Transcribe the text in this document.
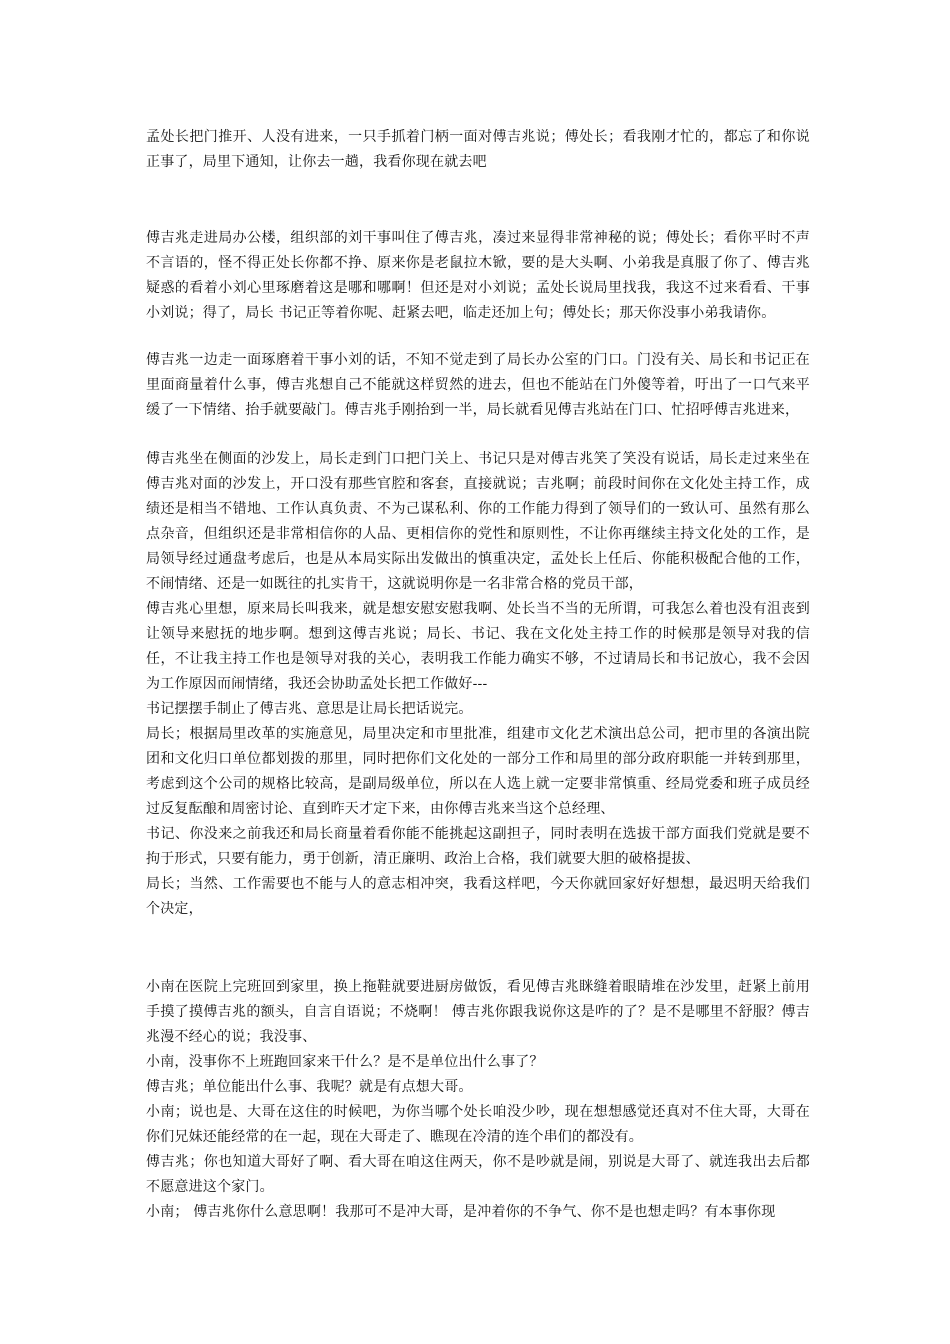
孟处长把门推开、人没有进来，一只手抓着门柄一面对傅吉兆说；傅处长；看我刚才忙的，都忘了和你说正事了，局里下通知，让你去一趟，我看你现在就去吧

傅吉兆走进局办公楼，组织部的刘干事叫住了傅吉兆，凑过来显得非常神秘的说；傅处长；看你平时不声不言语的，怪不得正处长你都不挣、原来你是老鼠拉木锨，要的是大头啊、小弟我是真服了你了、傅吉兆疑惑的看着小刘心里琢磨着这是哪和哪啊！但还是对小刘说；孟处长说局里找我，我这不过来看看、干事小刘说；得了，局长 书记正等着你呢、赶紧去吧，临走还加上句；傅处长；那天你没事小弟我请你。

傅吉兆一边走一面琢磨着干事小刘的话，不知不觉走到了局长办公室的门口。门没有关、局长和书记正在里面商量着什么事，傅吉兆想自己不能就这样贸然的进去，但也不能站在门外傻等着，吁出了一口气来平缓了一下情绪、抬手就要敲门。傅吉兆手刚抬到一半，局长就看见傅吉兆站在门口、忙招呼傅吉兆进来，

傅吉兆坐在侧面的沙发上，局长走到门口把门关上、书记只是对傅吉兆笑了笑没有说话，局长走过来坐在傅吉兆对面的沙发上，开口没有那些官腔和客套，直接就说；吉兆啊；前段时间你在文化处主持工作，成绩还是相当不错地、工作认真负责、不为己谋私利、你的工作能力得到了领导们的一致认可、虽然有那么点杂音，但组织还是非常相信你的人品、更相信你的党性和原则性，不让你再继续主持文化处的工作，是局领导经过通盘考虑后，也是从本局实际出发做出的慎重决定，孟处长上任后、你能积极配合他的工作，不闹情绪、还是一如既往的扎实肯干，这就说明你是一名非常合格的党员干部，

傅吉兆心里想，原来局长叫我来，就是想安慰安慰我啊、处长当不当的无所谓，可我怎么着也没有沮丧到让领导来慰抚的地步啊。想到这傅吉兆说；局长、书记、我在文化处主持工作的时候那是领导对我的信任，不让我主持工作也是领导对我的关心，表明我工作能力确实不够，不过请局长和书记放心，我不会因为工作原因而闹情绪，我还会协助孟处长把工作做好---

书记摆摆手制止了傅吉兆、意思是让局长把话说完。

局长；根据局里改革的实施意见，局里决定和市里批准，组建市文化艺术演出总公司，把市里的各演出院团和文化归口单位都划拨的那里，同时把你们文化处的一部分工作和局里的部分政府职能一并转到那里，考虑到这个公司的规格比较高，是副局级单位，所以在人选上就一定要非常慎重、经局党委和班子成员经过反复酝酿和周密讨论、直到昨天才定下来，由你傅吉兆来当这个总经理、

书记、你没来之前我还和局长商量着看你能不能挑起这副担子，同时表明在选拔干部方面我们党就是要不拘于形式，只要有能力，勇于创新，清正廉明、政治上合格，我们就要大胆的破格提拔、

局长；当然、工作需要也不能与人的意志相冲突，我看这样吧，今天你就回家好好想想，最迟明天给我们个决定，

小南在医院上完班回到家里，换上拖鞋就要进厨房做饭，看见傅吉兆眯缝着眼睛堆在沙发里，赶紧上前用手摸了摸傅吉兆的额头，自言自语说；不烧啊！ 傅吉兆你跟我说你这是咋的了？是不是哪里不舒服？傅吉兆漫不经心的说；我没事、

小南，没事你不上班跑回家来干什么？是不是单位出什么事了？

傅吉兆；单位能出什么事、我呢？就是有点想大哥。

小南；说也是、大哥在这住的时候吧，为你当哪个处长咱没少吵，现在想想感觉还真对不住大哥，大哥在你们兄妹还能经常的在一起，现在大哥走了、瞧现在冷清的连个串们的都没有。

傅吉兆；你也知道大哥好了啊、看大哥在咱这住两天，你不是吵就是闹，别说是大哥了、就连我出去后都不愿意进这个家门。

小南； 傅吉兆你什么意思啊！我那可不是冲大哥，是冲着你的不争气、你不是也想走吗？有本事你现
